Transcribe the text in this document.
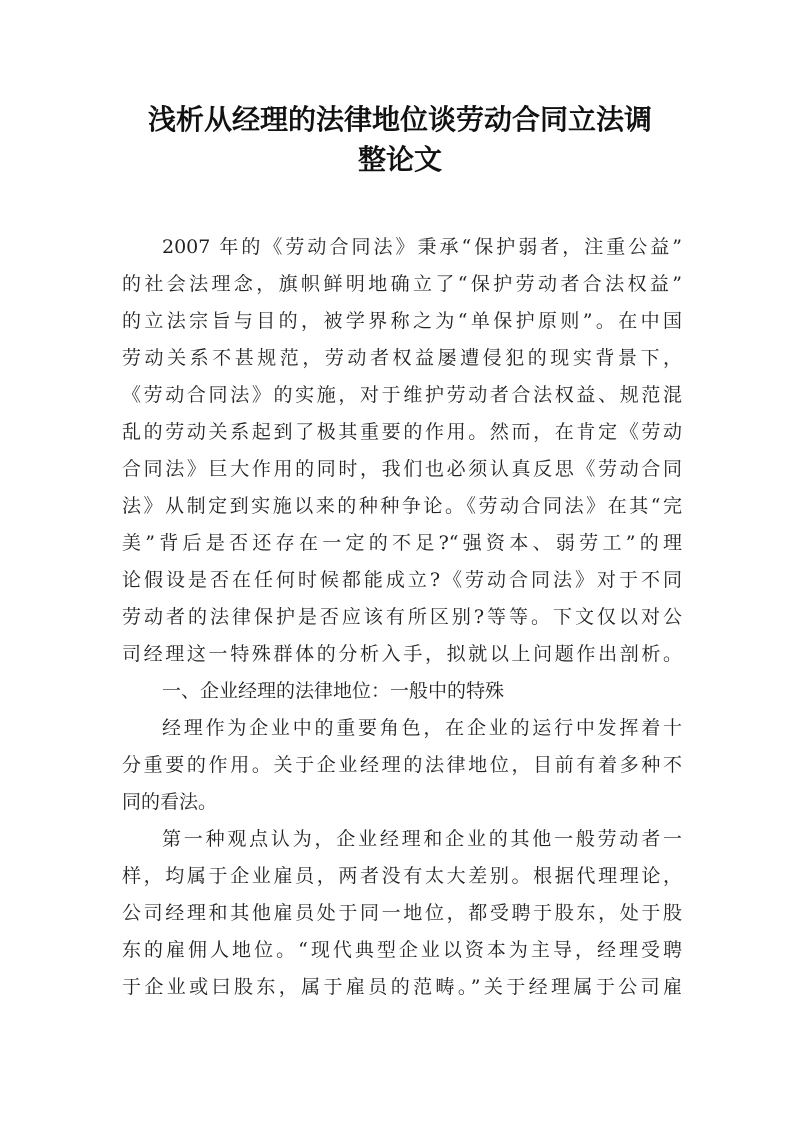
浅析从经理的法律地位谈劳动合同立法调
整论文
2007 年的《劳动合同法》秉承“保护弱者，注重公益”
的社会法理念，旗帜鲜明地确立了“保护劳动者合法权益”
的立法宗旨与目的，被学界称之为“单保护原则”。在中国
劳动关系不甚规范，劳动者权益屡遭侵犯的现实背景下，
《劳动合同法》的实施，对于维护劳动者合法权益、规范混
乱的劳动关系起到了极其重要的作用。然而，在肯定《劳动
合同法》巨大作用的同时，我们也必须认真反思《劳动合同
法》从制定到实施以来的种种争论。《劳动合同法》在其“完
美”背后是否还存在一定的不足?“强资本、弱劳工”的理
论假设是否在任何时候都能成立?《劳动合同法》对于不同
劳动者的法律保护是否应该有所区别?等等。下文仅以对公
司经理这一特殊群体的分析入手，拟就以上问题作出剖析。
一、企业经理的法律地位：一般中的特殊
经理作为企业中的重要角色，在企业的运行中发挥着十
分重要的作用。关于企业经理的法律地位，目前有着多种不
同的看法。
第一种观点认为，企业经理和企业的其他一般劳动者一
样，均属于企业雇员，两者没有太大差别。根据代理理论，
公司经理和其他雇员处于同一地位，都受聘于股东，处于股
东的雇佣人地位。“现代典型企业以资本为主导，经理受聘
于企业或曰股东，属于雇员的范畴。”关于经理属于公司雇
